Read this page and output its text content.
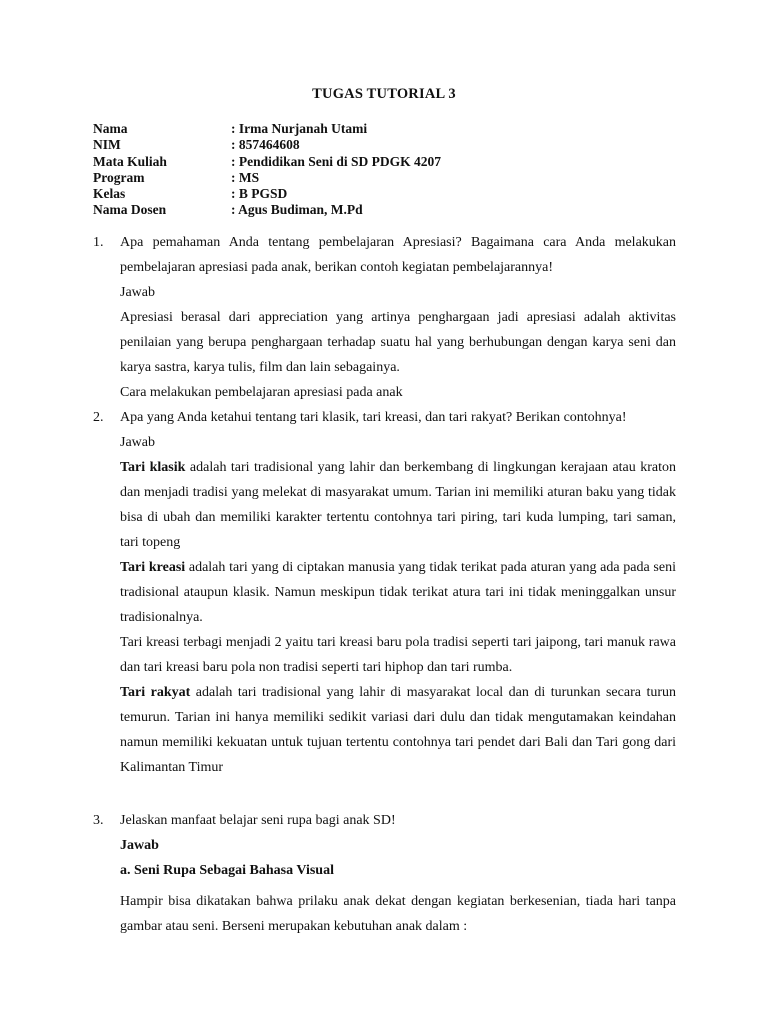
TUGAS TUTORIAL 3
Nama	: Irma Nurjanah Utami
NIM	: 857464608
Mata Kuliah	: Pendidikan Seni di SD PDGK 4207
Program	: MS
Kelas	: B PGSD
Nama Dosen	: Agus Budiman, M.Pd
1. Apa pemahaman Anda tentang pembelajaran Apresiasi? Bagaimana cara Anda melakukan pembelajaran apresiasi pada anak, berikan contoh kegiatan pembelajarannya!

Jawab

Apresiasi berasal dari appreciation yang artinya penghargaan jadi apresiasi adalah aktivitas penilaian yang berupa penghargaan terhadap suatu hal yang berhubungan dengan karya seni dan karya sastra, karya tulis, film dan lain sebagainya.

Cara melakukan pembelajaran apresiasi pada anak

2. Apa yang Anda ketahui tentang tari klasik, tari kreasi, dan tari rakyat? Berikan contohnya!

Jawab

Tari klasik adalah tari tradisional yang lahir dan berkembang di lingkungan kerajaan atau kraton dan menjadi tradisi yang melekat di masyarakat umum. Tarian ini memiliki aturan baku yang tidak bisa di ubah dan memiliki karakter tertentu contohnya tari piring, tari kuda lumping, tari saman, tari topeng

Tari kreasi adalah tari yang di ciptakan manusia yang tidak terikat pada aturan yang ada pada seni tradisional ataupun klasik. Namun meskipun tidak terikat atura tari ini tidak meninggalkan unsur tradisionalnya.

Tari kreasi terbagi menjadi 2 yaitu tari kreasi baru pola tradisi seperti tari jaipong, tari manuk rawa dan tari kreasi baru pola non tradisi seperti tari hiphop dan tari rumba.

Tari rakyat adalah tari tradisional yang lahir di masyarakat local dan di turunkan secara turun temurun. Tarian ini hanya memiliki sedikit variasi dari dulu dan tidak mengutamakan keindahan namun memiliki kekuatan untuk tujuan tertentu contohnya tari pendet dari Bali dan Tari gong dari Kalimantan Timur

3. Jelaskan manfaat belajar seni rupa bagi anak SD!

Jawab

a. Seni Rupa Sebagai Bahasa Visual

Hampir bisa dikatakan bahwa prilaku anak dekat dengan kegiatan berkesenian, tiada hari tanpa gambar atau seni. Berseni merupakan kebutuhan anak dalam :
